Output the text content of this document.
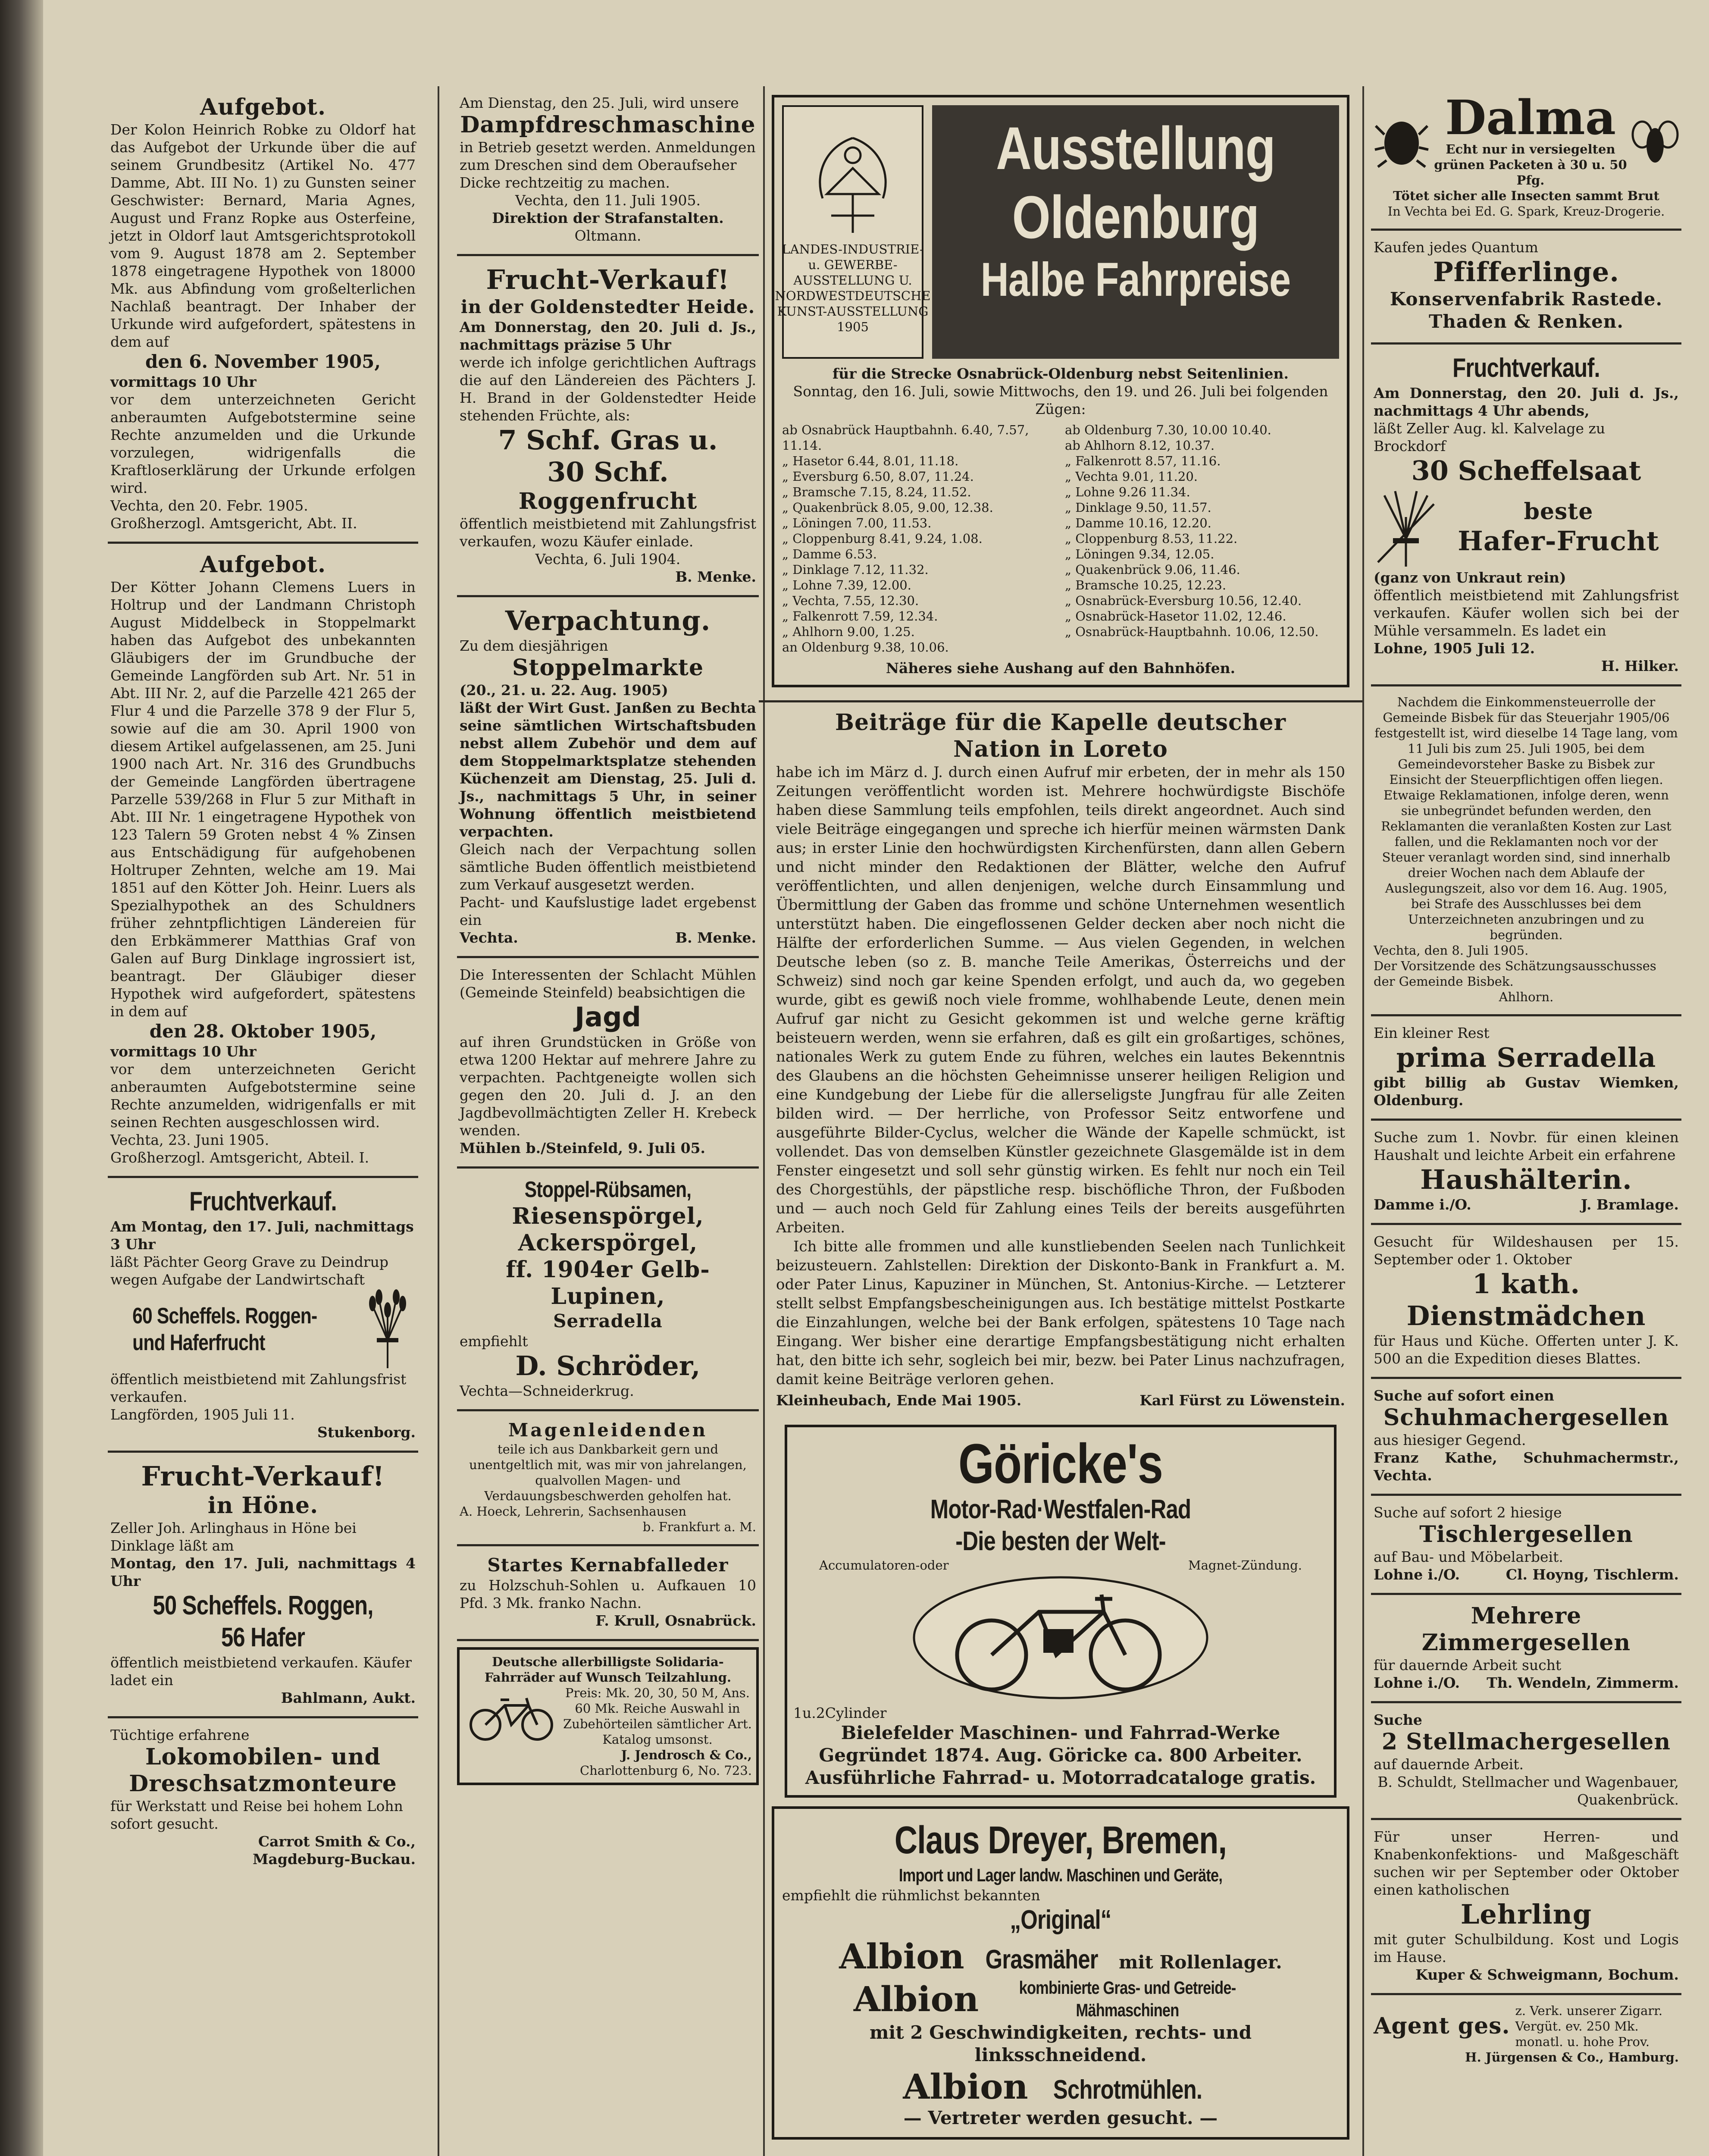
Aufgebot.

Der Kolon Heinrich Robke zu Oldorf hat das Aufgebot der Urkunde über die auf seinem Grundbesitz (Artikel No. 477 Damme, Abt. III No. 1) zu Gunsten seiner Geschwister: Bernard, Maria Agnes, August und Franz Ropke aus Osterfeine, jetzt in Oldorf laut Amtsgerichtsprotokoll vom 9. August 1878 am 2. September 1878 eingetragene Hypothek von 18000 Mk. aus Abfindung vom großelterlichen Nachlaß beantragt. Der Inhaber der Urkunde wird aufgefordert, spätestens in dem auf

den 6. November 1905,
vormittags 10 Uhr

vor dem unterzeichneten Gericht anberaumten Aufgebotstermine seine Rechte anzumelden und die Urkunde vorzulegen, widrigenfalls die Kraftloserklärung der Urkunde erfolgen wird.

Vechta, den 20. Febr. 1905.

Großherzogl. Amtsgericht, Abt. II.

Aufgebot.

Der Kötter Johann Clemens Luers in Holtrup und der Landmann Christoph August Middelbeck in Stoppelmarkt haben das Aufgebot des unbekannten Gläubigers der im Grundbuche der Gemeinde Langförden sub Art. Nr. 51 in Abt. III Nr. 2, auf die Parzelle 421 265 der Flur 4 und die Parzelle 378 9 der Flur 5, sowie auf die am 30. April 1900 von diesem Artikel aufgelassenen, am 25. Juni 1900 nach Art. Nr. 316 des Grundbuchs der Gemeinde Langförden übertragene Parzelle 539/268 in Flur 5 zur Mithaft in Abt. III Nr. 1 eingetragene Hypothek von 123 Talern 59 Groten nebst 4 % Zinsen aus Entschädigung für aufgehobenen Holtruper Zehnten, welche am 19. Mai 1851 auf den Kötter Joh. Heinr. Luers als Spezialhypothek an des Schuldners früher zehntpflichtigen Ländereien für den Erbkämmerer Matthias Graf von Galen auf Burg Dinklage ingrossiert ist, beantragt. Der Gläubiger dieser Hypothek wird aufgefordert, spätestens in dem auf

den 28. Oktober 1905,
vormittags 10 Uhr

vor dem unterzeichneten Gericht anberaumten Aufgebotstermine seine Rechte anzumelden, widrigenfalls er mit seinen Rechten ausgeschlossen wird.

Vechta, 23. Juni 1905.

Großherzogl. Amtsgericht, Abteil. I.

Fruchtverkauf.
Am Montag, den 17. Juli, nachmittags 3 Uhr

läßt Pächter Georg Grave zu Deindrup wegen Aufgabe der Landwirtschaft

60 Scheffels. Roggen- und Haferfrucht

öffentlich meistbietend mit Zahlungsfrist verkaufen.

Langförden, 1905 Juli 11.

Stukenborg.

Frucht-Verkauf!
in Höne.

Zeller Joh. Arlinghaus in Höne bei Dinklage läßt am

Montag, den 17. Juli, nachmittags 4 Uhr
50 Scheffels. Roggen,
56 Hafer

öffentlich meistbietend verkaufen. Käufer ladet ein

Bahlmann, Aukt.

Tüchtige erfahrene
Lokomobilen- und Dreschsatzmonteure

für Werkstatt und Reise bei hohem Lohn sofort gesucht.

Carrot Smith & Co.,

Magdeburg-Buckau.

Am Dienstag, den 25. Juli, wird unsere

Dampfdreschmaschine

in Betrieb gesetzt werden. Anmeldungen zum Dreschen sind dem Oberaufseher Dicke rechtzeitig zu machen.

Vechta, den 11. Juli 1905.

Direktion der Strafanstalten.

Oltmann.

Frucht-Verkauf!
in der Goldenstedter Heide.
Am Donnerstag, den 20. Juli d. Js., nachmittags präzise 5 Uhr

werde ich infolge gerichtlichen Auftrags die auf den Ländereien des Pächters J. H. Brand in der Goldenstedter Heide stehenden Früchte, als:

7 Schf. Gras u.
30 Schf.
Roggenfrucht

öffentlich meistbietend mit Zahlungsfrist verkaufen, wozu Käufer einlade.

Vechta, 6. Juli 1904.

B. Menke.

Verpachtung.
Zu dem diesjährigen
Stoppelmarkte
(20., 21. u. 22. Aug. 1905)

läßt der Wirt Gust. Janßen zu Bechta seine sämtlichen Wirtschaftsbuden nebst allem Zubehör und dem auf dem Stoppelmarktsplatze stehenden Küchenzeit am Dienstag, 25. Juli d. Js., nachmittags 5 Uhr, in seiner Wohnung öffentlich meistbietend verpachten.

Gleich nach der Verpachtung sollen sämtliche Buden öffentlich meistbietend zum Verkauf ausgesetzt werden.

Pacht- und Kaufslustige ladet ergebenst ein

Vechta.	B. Menke.

Die Interessenten der Schlacht Mühlen (Gemeinde Steinfeld) beabsichtigen die

Jagd

auf ihren Grundstücken in Größe von etwa 1200 Hektar auf mehrere Jahre zu verpachten. Pachtgeneigte wollen sich gegen den 20. Juli d. J. an den Jagdbevollmächtigten Zeller H. Krebeck wenden.

Mühlen b./Steinfeld, 9. Juli 05.

Stoppel-Rübsamen,
Riesenspörgel,
Ackerspörgel,
ff. 1904er Gelb-Lupinen,
Serradella
empfiehlt
D. Schröder,
Vechta—Schneiderkrug.
Magenleidenden

teile ich aus Dankbarkeit gern und unentgeltlich mit, was mir von jahrelangen, qualvollen Magen- und Verdauungsbeschwerden geholfen hat.

A. Hoeck, Lehrerin, Sachsenhausen

b. Frankfurt a. M.

Startes Kernabfalleder

zu Holzschuh-Sohlen u. Aufkauen 10 Pfd. 3 Mk. franko Nachn.

F. Krull, Osnabrück.

Deutsche allerbilligste Solidaria-Fahrräder auf Wunsch Teilzahlung.

Preis: Mk. 20, 30, 50 M, Ans. 60 Mk. Reiche Auswahl in Zubehörteilen sämtlicher Art. Katalog umsonst.

J. Jendrosch & Co.,

Charlottenburg 6, No. 723.

LANDES-INDUSTRIE- u. GEWERBE-AUSSTELLUNG U. NORDWESTDEUTSCHE KUNST-AUSSTELLUNG 1905

Ausstellung
Oldenburg
Halbe Fahrpreise

für die Strecke Osnabrück-Oldenburg nebst Seitenlinien.

Sonntag, den 16. Juli, sowie Mittwochs, den 19. und 26. Juli bei folgenden Zügen:

ab Osnabrück Hauptbahnh. 6.40, 7.57, 11.14.
„ Hasetor 6.44, 8.01, 11.18.
„ Eversburg 6.50, 8.07, 11.24.
„ Bramsche 7.15, 8.24, 11.52.
„ Quakenbrück 8.05, 9.00, 12.38.
„ Löningen 7.00, 11.53.
„ Cloppenburg 8.41, 9.24, 1.08.
„ Damme 6.53.
„ Dinklage 7.12, 11.32.
„ Lohne 7.39, 12.00.
„ Vechta, 7.55, 12.30.
„ Falkenrott 7.59, 12.34.
„ Ahlhorn 9.00, 1.25.
an Oldenburg 9.38, 10.06.
ab Oldenburg 7.30, 10.00 10.40.
ab Ahlhorn 8.12, 10.37.
„ Falkenrott 8.57, 11.16.
„ Vechta 9.01, 11.20.
„ Lohne 9.26 11.34.
„ Dinklage 9.50, 11.57.
„ Damme 10.16, 12.20.
„ Cloppenburg 8.53, 11.22.
„ Löningen 9.34, 12.05.
„ Quakenbrück 9.06, 11.46.
„ Bramsche 10.25, 12.23.
„ Osnabrück-Eversburg 10.56, 12.40.
„ Osnabrück-Hasetor 11.02, 12.46.
„ Osnabrück-Hauptbahnh. 10.06, 12.50.

Näheres siehe Aushang auf den Bahnhöfen.

Beiträge für die Kapelle deutscher
Nation in Loreto

habe ich im März d. J. durch einen Aufruf mir erbeten, der in mehr als 150 Zeitungen veröffentlicht worden ist. Mehrere hochwürdigste Bischöfe haben diese Sammlung teils empfohlen, teils direkt angeordnet. Auch sind viele Beiträge eingegangen und spreche ich hierfür meinen wärmsten Dank aus; in erster Linie den hochwürdigsten Kirchenfürsten, dann allen Gebern und nicht minder den Redaktionen der Blätter, welche den Aufruf veröffentlichten, und allen denjenigen, welche durch Einsammlung und Übermittlung der Gaben das fromme und schöne Unternehmen wesentlich unterstützt haben. Die eingeflossenen Gelder decken aber noch nicht die Hälfte der erforderlichen Summe. — Aus vielen Gegenden, in welchen Deutsche leben (so z. B. manche Teile Amerikas, Österreichs und der Schweiz) sind noch gar keine Spenden erfolgt, und auch da, wo gegeben wurde, gibt es gewiß noch viele fromme, wohlhabende Leute, denen mein Aufruf gar nicht zu Gesicht gekommen ist und welche gerne kräftig beisteuern werden, wenn sie erfahren, daß es gilt ein großartiges, schönes, nationales Werk zu gutem Ende zu führen, welches ein lautes Bekenntnis des Glaubens an die höchsten Geheimnisse unserer heiligen Religion und eine Kundgebung der Liebe für die allerseligste Jungfrau für alle Zeiten bilden wird. — Der herrliche, von Professor Seitz entworfene und ausgeführte Bilder-Cyclus, welcher die Wände der Kapelle schmückt, ist vollendet. Das von demselben Künstler gezeichnete Glasgemälde ist in dem Fenster eingesetzt und soll sehr günstig wirken. Es fehlt nur noch ein Teil des Chorgestühls, der päpstliche resp. bischöfliche Thron, der Fußboden und — auch noch Geld für Zahlung eines Teils der bereits ausgeführten Arbeiten.

Ich bitte alle frommen und alle kunstliebenden Seelen nach Tunlichkeit beizusteuern. Zahlstellen: Direktion der Diskonto-Bank in Frankfurt a. M. oder Pater Linus, Kapuziner in München, St. Antonius-Kirche. — Letzterer stellt selbst Empfangsbescheinigungen aus. Ich bestätige mittelst Postkarte die Einzahlungen, welche bei der Bank erfolgen, spätestens 10 Tage nach Eingang. Wer bisher eine derartige Empfangsbestätigung nicht erhalten hat, den bitte ich sehr, sogleich bei mir, bezw. bei Pater Linus nachzufragen, damit keine Beiträge verloren gehen.

Kleinheubach, Ende Mai 1905.	Karl Fürst zu Löwenstein.
Göricke's
Motor-Rad·Westfalen-Rad
-Die besten der Welt-
Accumulatoren-oder	Magnet-Zündung.
1u.2Cylinder
Bielefelder Maschinen- und Fahrrad-Werke
Gegründet 1874. Aug. Göricke ca. 800 Arbeiter.
Ausführliche Fahrrad- u. Motorradcataloge gratis.
Claus Dreyer, Bremen,
Import und Lager landw. Maschinen und Geräte,
empfiehlt die rühmlichst bekannten
„Original“
Albion Grasmäher mit Rollenlager.
Albion	kombinierte Gras- und Getreide-Mähmaschinen
mit 2 Geschwindigkeiten, rechts- und linksschneidend.
Albion Schrotmühlen.
— Vertreter werden gesucht. —
Dalma
Echt nur in versiegelten
grünen Packeten à 30 u. 50 Pfg.
Tötet sicher alle Insecten sammt Brut
In Vechta bei Ed. G. Spark, Kreuz-Drogerie.
Kaufen jedes Quantum
Pfifferlinge.
Konservenfabrik Rastede.
Thaden & Renken.
Fruchtverkauf.
Am Donnerstag, den 20. Juli d. Js., nachmittags 4 Uhr abends,

läßt Zeller Aug. kl. Kalvelage zu Brockdorf

30 Scheffelsaat
beste
Hafer-Frucht
(ganz von Unkraut rein)

öffentlich meistbietend mit Zahlungsfrist verkaufen. Käufer wollen sich bei der Mühle versammeln. Es ladet ein

Lohne, 1905 Juli 12.

H. Hilker.

Nachdem die Einkommensteuerrolle der Gemeinde Bisbek für das Steuerjahr 1905/06 festgestellt ist, wird dieselbe 14 Tage lang, vom 11 Juli bis zum 25. Juli 1905, bei dem Gemeindevorsteher Baske zu Bisbek zur Einsicht der Steuerpflichtigen offen liegen. Etwaige Reklamationen, infolge deren, wenn sie unbegründet befunden werden, den Reklamanten die veranlaßten Kosten zur Last fallen, und die Reklamanten noch vor der Steuer veranlagt worden sind, sind innerhalb dreier Wochen nach dem Ablaufe der Auslegungszeit, also vor dem 16. Aug. 1905, bei Strafe des Ausschlusses bei dem Unterzeichneten anzubringen und zu begründen.

Vechta, den 8. Juli 1905.

Der Vorsitzende des Schätzungsausschusses der Gemeinde Bisbek.

Ahlhorn.

Ein kleiner Rest
prima Serradella
gibt billig ab Gustav Wiemken, Oldenburg.

Suche zum 1. Novbr. für einen kleinen Haushalt und leichte Arbeit ein erfahrene

Haushälterin.
Damme i./O.	J. Bramlage.

Gesucht für Wildeshausen per 15. September oder 1. Oktober

1 kath. Dienstmädchen

für Haus und Küche. Offerten unter J. K. 500 an die Expedition dieses Blattes.

Suche auf sofort einen
Schuhmachergesellen
aus hiesiger Gegend.
Franz Kathe, Schuhmachermstr., Vechta.
Suche auf sofort 2 hiesige
Tischlergesellen
auf Bau- und Möbelarbeit.
Lohne i./O.	Cl. Hoyng, Tischlerm.
Mehrere Zimmergesellen
für dauernde Arbeit sucht
Lohne i./O. Th. Wendeln, Zimmerm.
Suche
2 Stellmachergesellen
auf dauernde Arbeit.
B. Schuldt, Stellmacher und Wagenbauer, Quakenbrück.

Für unser Herren- und Knabenkonfektions- und Maßgeschäft suchen wir per September oder Oktober einen katholischen

Lehrling

mit guter Schulbildung. Kost und Logis im Hause.

Kuper & Schweigmann, Bochum.

Agent ges.
z. Verk. unserer Zigarr. Vergüt. ev. 250 Mk. monatl. u. hohe Prov.
H. Jürgensen & Co., Hamburg.
